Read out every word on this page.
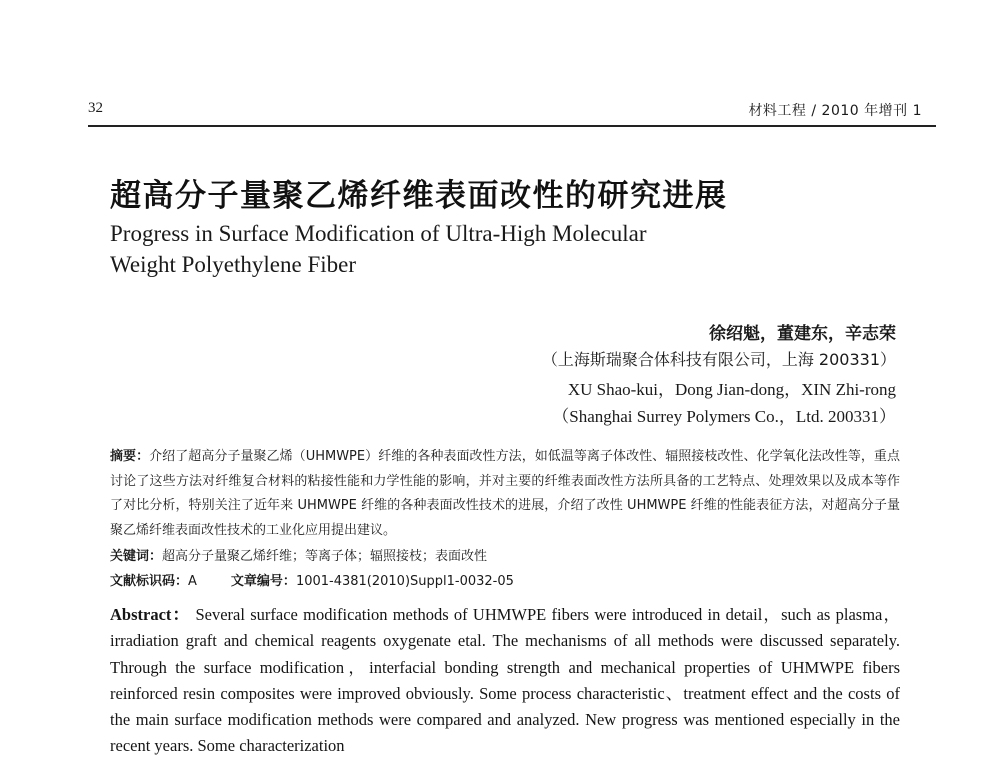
32	材料工程 / 2010 年增刊 1
超高分子量聚乙烯纤维表面改性的研究进展
Progress in Surface Modification of Ultra-High Molecular
Weight Polyethylene Fiber
徐绍魁，董建东，辛志荣
（上海斯瑞聚合体科技有限公司，上海 200331）
XU Shao-kui，Dong Jian-dong，XIN Zhi-rong
（Shanghai Surrey Polymers Co.，Ltd. 200331）

摘要：介绍了超高分子量聚乙烯（UHMWPE）纤维的各种表面改性方法，如低温等离子体改性、辐照接枝改性、化学氧化法改性等，重点讨论了这些方法对纤维复合材料的粘接性能和力学性能的影响，并对主要的纤维表面改性方法所具备的工艺特点、处理效果以及成本等作了对比分析，特别关注了近年来 UHMWPE 纤维的各种表面改性技术的进展，介绍了改性 UHMWPE 纤维的性能表征方法，对超高分子量聚乙烯纤维表面改性技术的工业化应用提出建议。

关键词：超高分子量聚乙烯纤维；等离子体；辐照接枝；表面改性
文献标识码：A	文章编号：1001-4381(2010)Suppl1-0032-05

Abstract： Several surface modification methods of UHMWPE fibers were introduced in detail，such as plasma，irradiation graft and chemical reagents oxygenate etal. The mechanisms of all methods were discussed separately. Through the surface modification，interfacial bonding strength and mechanical properties of UHMWPE fibers reinforced resin composites were improved obviously. Some process characteristic、treatment effect and the costs of the main surface modification methods were compared and analyzed. New progress was mentioned especially in the recent years. Some characterization
